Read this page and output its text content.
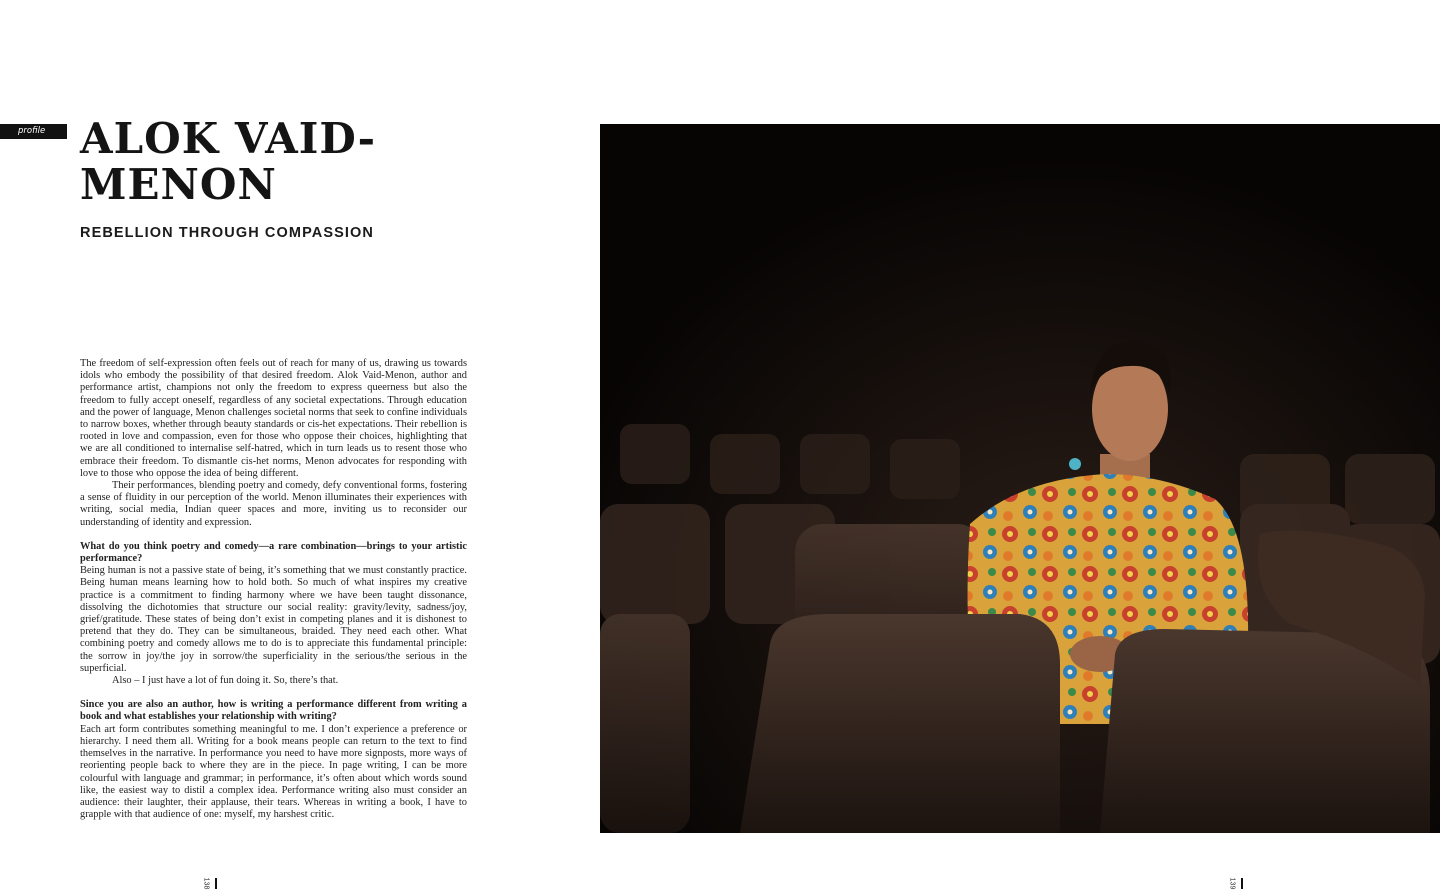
profile ALOK VAID-
MENON
REBELLION THROUGH COMPASSION

The freedom of self-expression often feels out of reach for many of us, drawing us towards idols who embody the possibility of that desired freedom. Alok Vaid-Menon, author and performance artist, champions not only the freedom to express queerness but also the freedom to fully accept oneself, regardless of any societal expectations. Through education and the power of language, Menon challenges societal norms that seek to confine individuals to narrow boxes, whether through beauty standards or cis-het expectations. Their rebellion is rooted in love and compassion, even for those who oppose their choices, highlighting that we are all conditioned to internalise self-hatred, which in turn leads us to resent those who embrace their freedom. To dismantle cis-het norms, Menon advocates for responding with love to those who oppose the idea of being different.

Their performances, blending poetry and comedy, defy conventional forms, fostering a sense of fluidity in our perception of the world. Menon illuminates their experiences with writing, social media, Indian queer spaces and more, inviting us to reconsider our understanding of identity and expression.

What do you think poetry and comedy—a rare combination—brings to your artistic performance?

Being human is not a passive state of being, it’s something that we must constantly practice. Being human means learning how to hold both. So much of what inspires my creative practice is a commitment to finding harmony where we have been taught dissonance, dissolving the dichotomies that structure our social reality: gravity/levity, sadness/joy, grief/gratitude. These states of being don’t exist in competing planes and it is dishonest to pretend that they do. They can be simultaneous, braided. They need each other. What combining poetry and comedy allows me to do is to appreciate this fundamental principle: the sorrow in joy/the joy in sorrow/the superficiality in the serious/the serious in the superficial.

Also – I just have a lot of fun doing it. So, there’s that.

Since you are also an author, how is writing a performance different from writing a book and what establishes your relationship with writing?

Each art form contributes something meaningful to me. I don’t experience a preference or hierarchy. I need them all. Writing for a book means people can return to the text to find themselves in the narrative. In performance you need to have more signposts, more ways of reorienting people back to where they are in the piece. In page writing, I can be more colourful with language and grammar; in performance, it’s often about which words sound like, the easiest way to distil a complex idea. Performance writing also must consider an audience: their laughter, their applause, their tears. Whereas in writing a book, I have to grapple with that audience of one: myself, my harshest critic.

138	139
